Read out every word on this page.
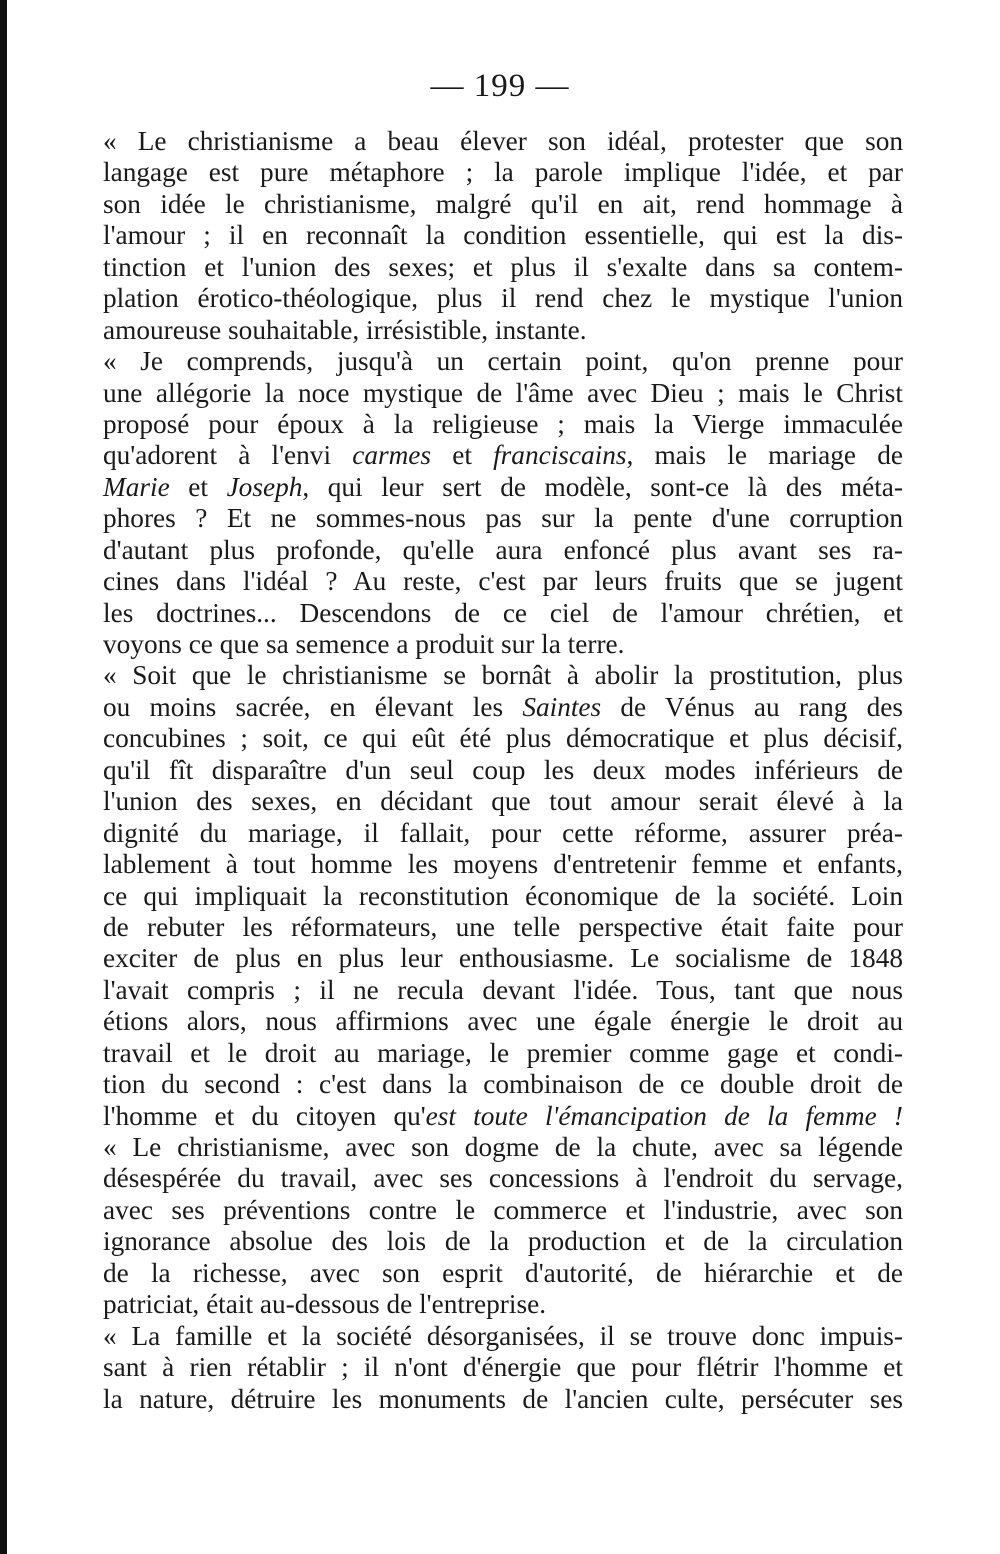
— 199 —
« Le christianisme a beau élever son idéal, protester que son
langage est pure métaphore ; la parole implique l'idée, et par
son idée le christianisme, malgré qu'il en ait, rend hommage à
l'amour ; il en reconnaît la condition essentielle, qui est la dis-
tinction et l'union des sexes; et plus il s'exalte dans sa contem-
plation érotico-théologique, plus il rend chez le mystique l'union
amoureuse souhaitable, irrésistible, instante.
« Je comprends, jusqu'à un certain point, qu'on prenne pour
une allégorie la noce mystique de l'âme avec Dieu ; mais le Christ
proposé pour époux à la religieuse ; mais la Vierge immaculée
qu'adorent à l'envi carmes et franciscains, mais le mariage de
Marie et Joseph, qui leur sert de modèle, sont-ce là des méta-
phores ? Et ne sommes-nous pas sur la pente d'une corruption
d'autant plus profonde, qu'elle aura enfoncé plus avant ses ra-
cines dans l'idéal ? Au reste, c'est par leurs fruits que se jugent
les doctrines... Descendons de ce ciel de l'amour chrétien, et
voyons ce que sa semence a produit sur la terre.
« Soit que le christianisme se bornât à abolir la prostitution, plus
ou moins sacrée, en élevant les Saintes de Vénus au rang des
concubines ; soit, ce qui eût été plus démocratique et plus décisif,
qu'il fît disparaître d'un seul coup les deux modes inférieurs de
l'union des sexes, en décidant que tout amour serait élevé à la
dignité du mariage, il fallait, pour cette réforme, assurer préa-
lablement à tout homme les moyens d'entretenir femme et enfants,
ce qui impliquait la reconstitution économique de la société. Loin
de rebuter les réformateurs, une telle perspective était faite pour
exciter de plus en plus leur enthousiasme. Le socialisme de 1848
l'avait compris ; il ne recula devant l'idée. Tous, tant que nous
étions alors, nous affirmions avec une égale énergie le droit au
travail et le droit au mariage, le premier comme gage et condi-
tion du second : c'est dans la combinaison de ce double droit de
l'homme et du citoyen qu'est toute l'émancipation de la femme !
« Le christianisme, avec son dogme de la chute, avec sa légende
désespérée du travail, avec ses concessions à l'endroit du servage,
avec ses préventions contre le commerce et l'industrie, avec son
ignorance absolue des lois de la production et de la circulation
de la richesse, avec son esprit d'autorité, de hiérarchie et de
patriciat, était au-dessous de l'entreprise.
« La famille et la société désorganisées, il se trouve donc impuis-
sant à rien rétablir ; il n'ont d'énergie que pour flétrir l'homme et
la nature, détruire les monuments de l'ancien culte, persécuter ses
